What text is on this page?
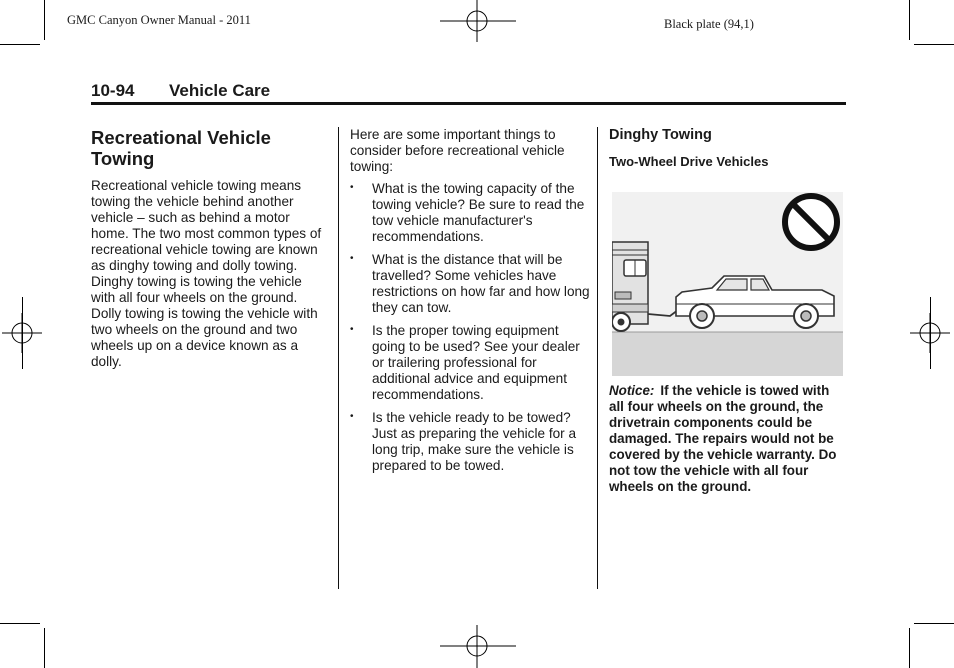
GMC Canyon Owner Manual - 2011	Black plate (94,1)
10-94 Vehicle Care
Recreational Vehicle Towing

Recreational vehicle towing means towing the vehicle behind another vehicle – such as behind a motor home. The two most common types of recreational vehicle towing are known as dinghy towing and dolly towing. Dinghy towing is towing the vehicle with all four wheels on the ground. Dolly towing is towing the vehicle with two wheels on the ground and two wheels up on a device known as a dolly.

Here are some important things to consider before recreational vehicle towing:

• What is the towing capacity of the towing vehicle? Be sure to read the tow vehicle manufacturer's recommendations.
• What is the distance that will be travelled? Some vehicles have restrictions on how far and how long they can tow.
• Is the proper towing equipment going to be used? See your dealer or trailering professional for additional advice and equipment recommendations.
• Is the vehicle ready to be towed? Just as preparing the vehicle for a long trip, make sure the vehicle is prepared to be towed.
Dinghy Towing
Two-Wheel Drive Vehicles
Notice: If the vehicle is towed with all four wheels on the ground, the drivetrain components could be damaged. The repairs would not be covered by the vehicle warranty. Do not tow the vehicle with all four wheels on the ground.
